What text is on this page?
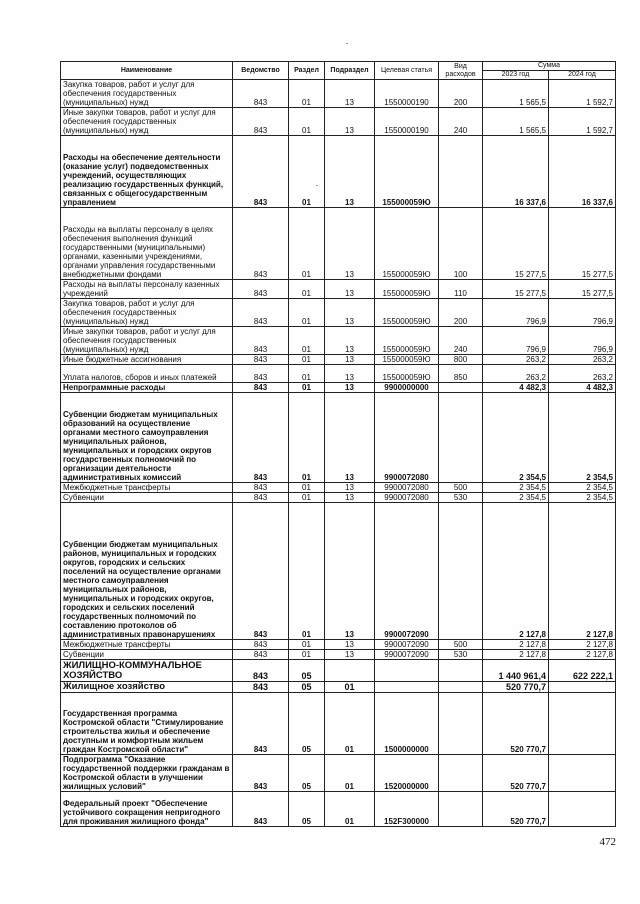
Наименование	Ведомство	Раздел	Подраздел	Целевая статья	Вид расходов	Сумма	
						2023 год	2024 год
Закупка товаров, работ и услуг для обеспечения государственных (муниципальных) нужд	843	01	13	1550000190	200	1 565,5	1 592,7
Иные закупки товаров, работ и услуг для обеспечения государственных (муниципальных) нужд	843	01	13	1550000190	240	1 565,5	1 592,7
Расходы на обеспечение деятельности (оказание услуг) подведомственных учреждений, осуществляющих реализацию государственных функций, связанных с общегосударственным управлением	843	01	13	155000059Ю		16 337,6	16 337,6
Расходы на выплаты персоналу в целях обеспечения выполнения функций государственными (муниципальными) органами, казенными учреждениями, органами управления государственными внебюджетными фондами	843	01	13	155000059Ю	100	15 277,5	15 277,5
Расходы на выплаты персоналу казенных учреждений	843	01	13	155000059Ю	110	15 277,5	15 277,5
Закупка товаров, работ и услуг для обеспечения государственных (муниципальных) нужд	843	01	13	155000059Ю	200	796,9	796,9
Иные закупки товаров, работ и услуг для обеспечения государственных (муниципальных) нужд	843	01	13	155000059Ю	240	796,9	796,9
Иные бюджетные ассигнования	843	01	13	155000059Ю	800	263,2	263,2
Уплата налогов, сборов и иных платежей	843	01	13	155000059Ю	850	263,2	263,2
Непрограммные расходы	843	01	13	9900000000		4 482,3	4 482,3
Субвенции бюджетам муниципальных образований на осуществление органами местного самоуправления муниципальных районов, муниципальных и городских округов государственных полномочий по организации деятельности административных комиссий	843	01	13	9900072080		2 354,5	2 354,5
Межбюджетные трансферты	843	01	13	9900072080	500	2 354,5	2 354,5
Субвенции	843	01	13	9900072080	530	2 354,5	2 354,5
Субвенции бюджетам муниципальных районов, муниципальных и городских округов, городских и сельских поселений на осуществление органами местного самоуправления муниципальных районов, муниципальных и городских округов, городских и сельских поселений государственных полномочий по составлению протоколов об административных правонарушениях	843	01	13	9900072090		2 127,8	2 127,8
Межбюджетные трансферты	843	01	13	9900072090	500	2 127,8	2 127,8
Субвенции	843	01	13	9900072090	530	2 127,8	2 127,8
ЖИЛИЩНО-КОММУНАЛЬНОЕ ХОЗЯЙСТВО	843	05				1 440 961,4	622 222,1
Жилищное хозяйство	843	05	01			520 770,7	
Государственная программа Костромской области "Стимулирование строительства жилья и обеспечение доступным и комфортным жильем граждан Костромской области"	843	05	01	1500000000		520 770,7	
Подпрограмма "Оказание государственной поддержки гражданам в Костромской области в улучшении жилищных условий"	843	05	01	1520000000		520 770,7	
Федеральный проект "Обеспечение устойчивого сокращения непригодного для проживания жилищного фонда"	843	05	01	152F300000		520 770,7	
472
